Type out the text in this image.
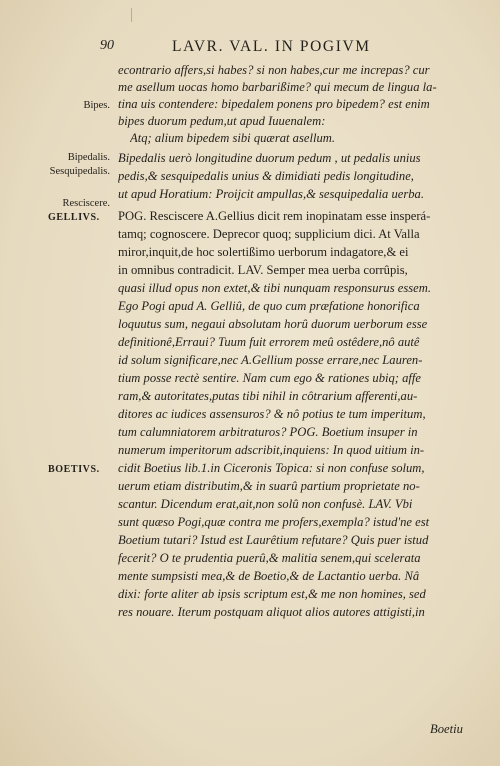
90	LAVR. VAL. IN POGIVM
Bipes.
Bipedalis.
Sesquipedalis.
Resciscere.
GELLIVS.
BOETIVS.
econtrario affers,si habes? si non habes,cur me increpas? cur
me asellum uocas homo barbarißime? qui mecum de lingua la-
tina uis contendere: bipedalem ponens pro bipedem? est enim
bipes duorum pedum,ut apud Iuuenalem:
Atq; alium bipedem sibi quærat asellum.
Bipedalis uerò longitudine duorum pedum , ut pedalis unius
pedis,& sesquipedalis unius & dimidiati pedis longitudine,
ut apud Horatium: Proijcit ampullas,& sesquipedalia uerba.
POG. Resciscere A.Gellius dicit rem inopinatam esse insperá-
tamq; cognoscere. Deprecor quoq; supplicium dici. At Valla
miror,inquit,de hoc solertißimo uerborum indagatore,& ei
in omnibus contradicit. LAV. Semper mea uerba corrûpis,
quasi illud opus non extet,& tibi nunquam responsurus essem.
Ego Pogi apud A. Gelliû, de quo cum præfatione honorifica
loquutus sum, negaui absolutam horû duorum uerborum esse
definitionê,Erraui? Tuum fuit errorem meû ostêdere,nô autê
id solum significare,nec A.Gellium posse errare,nec Lauren-
tium posse rectè sentire. Nam cum ego & rationes ubiq; affe
ram,& autoritates,putas tibi nihil in côtrarium afferenti,au-
ditores ac iudices assensuros? & nô potius te tum imperitum,
tum calumniatorem arbitraturos? POG. Boetium insuper in
numerum imperitorum adscribit,inquiens: In quod uitium in-
cidit Boetius lib.1.in Ciceronis Topica: si non confuse solum,
uerum etiam distributim,& in suarû partium proprietate no-
scantur. Dicendum erat,ait,non solû non confusè. LAV. Vbi
sunt quæso Pogi,quæ contra me profers,exempla? istud'ne est
Boetium tutari? Istud est Laurêtium refutare? Quis puer istud
fecerit? O te prudentia puerû,& malitia senem,qui scelerata
mente sumpsisti mea,& de Boetio,& de Lactantio uerba. Nâ
dixi: forte aliter ab ipsis scriptum est,& me non homines, sed
res nouare. Iterum postquam aliquot alios autores attigisti,in
Boetiu
